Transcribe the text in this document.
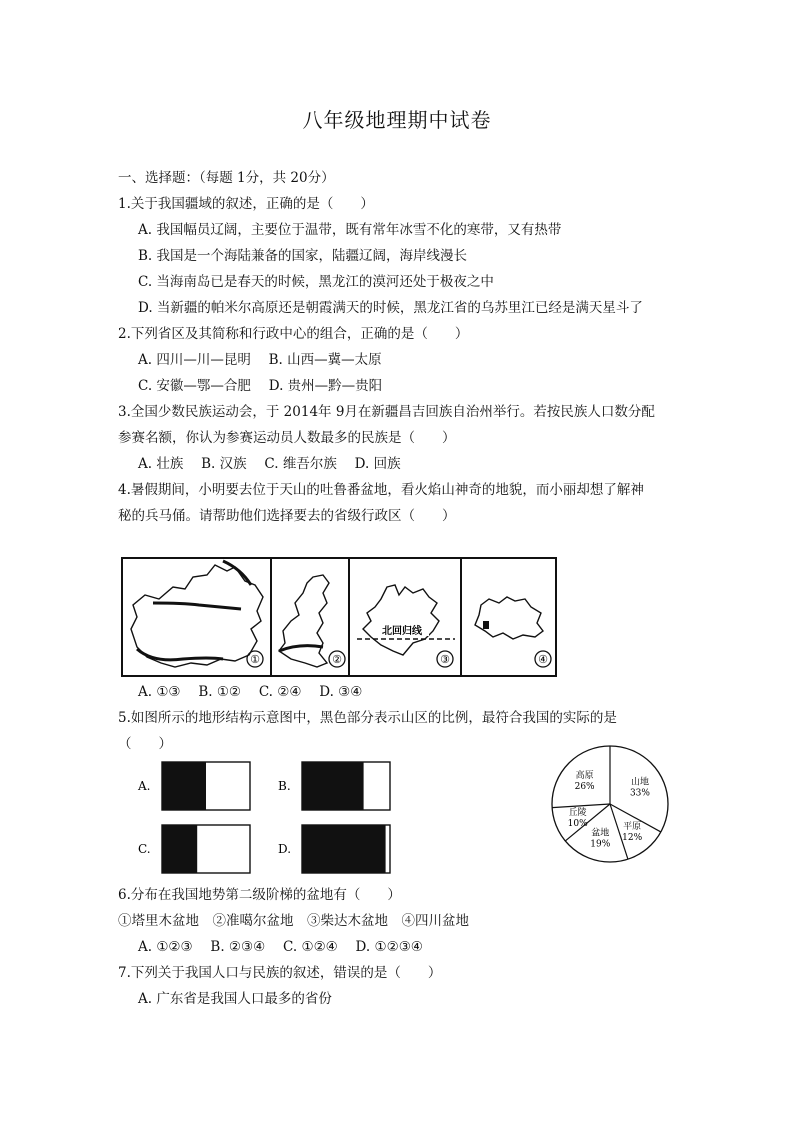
八年级地理期中试卷
一、选择题：（每题 1分，共 20分）
1.关于我国疆域的叙述，正确的是（　　）
A. 我国幅员辽阔，主要位于温带，既有常年冰雪不化的寒带，又有热带
B. 我国是一个海陆兼备的国家，陆疆辽阔，海岸线漫长
C. 当海南岛已是春天的时候，黑龙江的漠河还处于极夜之中
D. 当新疆的帕米尔高原还是朝霞满天的时候，黑龙江省的乌苏里江已经是满天星斗了
2.下列省区及其简称和行政中心的组合，正确的是（　　）
A. 四川—川—昆明　 B. 山西—冀—太原
C. 安徽—鄂—合肥　 D. 贵州—黔—贵阳
3.全国少数民族运动会，于 2014年 9月在新疆昌吉回族自治州举行。若按民族人口数分配
参赛名额，你认为参赛运动员人数最多的民族是（　　）
A. 壮族　 B. 汉族　 C. 维吾尔族　 D. 回族
4.暑假期间，小明要去位于天山的吐鲁番盆地，看火焰山神奇的地貌，而小丽却想了解神
秘的兵马俑。请帮助他们选择要去的省级行政区（　　）
①	②
北回归线
③	④
A. ①③　 B. ①②　 C. ②④　 D. ③④
5.如图所示的地形结构示意图中，黑色部分表示山区的比例，最符合我国的实际的是
（　　）
A.	B.
C.	D.
山地
33%
平原
12%
盆地
19%
丘陵
10%
高原
26%
6.分布在我国地势第二级阶梯的盆地有（　　）
①塔里木盆地　②准噶尔盆地　③柴达木盆地　④四川盆地
A. ①②③　 B. ②③④　 C. ①②④　 D. ①②③④
7.下列关于我国人口与民族的叙述，错误的是（　　）
A. 广东省是我国人口最多的省份
